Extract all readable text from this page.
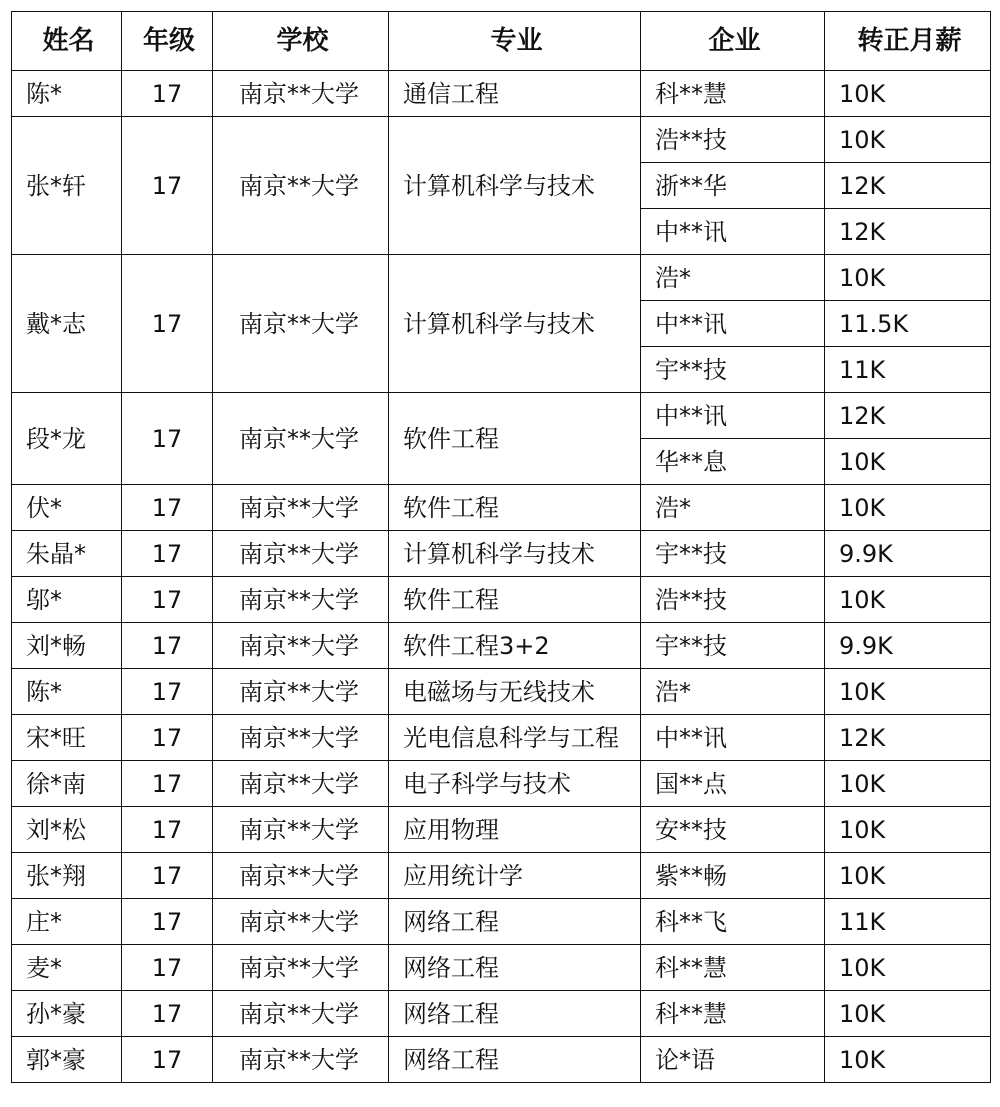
姓名	年级	学校	专业	企业	转正月薪
陈*	17	南京**大学	通信工程	科**慧	10K
张*轩	17	南京**大学	计算机科学与技术	浩**技	10K
				浙**华	12K
				中**讯	12K
戴*志	17	南京**大学	计算机科学与技术	浩*	10K
				中**讯	11.5K
				宇**技	11K
段*龙	17	南京**大学	软件工程	中**讯	12K
				华**息	10K
伏*	17	南京**大学	软件工程	浩*	10K
朱晶*	17	南京**大学	计算机科学与技术	宇**技	9.9K
邬*	17	南京**大学	软件工程	浩**技	10K
刘*畅	17	南京**大学	软件工程3+2	宇**技	9.9K
陈*	17	南京**大学	电磁场与无线技术	浩*	10K
宋*旺	17	南京**大学	光电信息科学与工程	中**讯	12K
徐*南	17	南京**大学	电子科学与技术	国**点	10K
刘*松	17	南京**大学	应用物理	安**技	10K
张*翔	17	南京**大学	应用统计学	紫**畅	10K
庄*	17	南京**大学	网络工程	科**飞	11K
麦*	17	南京**大学	网络工程	科**慧	10K
孙*豪	17	南京**大学	网络工程	科**慧	10K
郭*豪	17	南京**大学	网络工程	论*语	10K
